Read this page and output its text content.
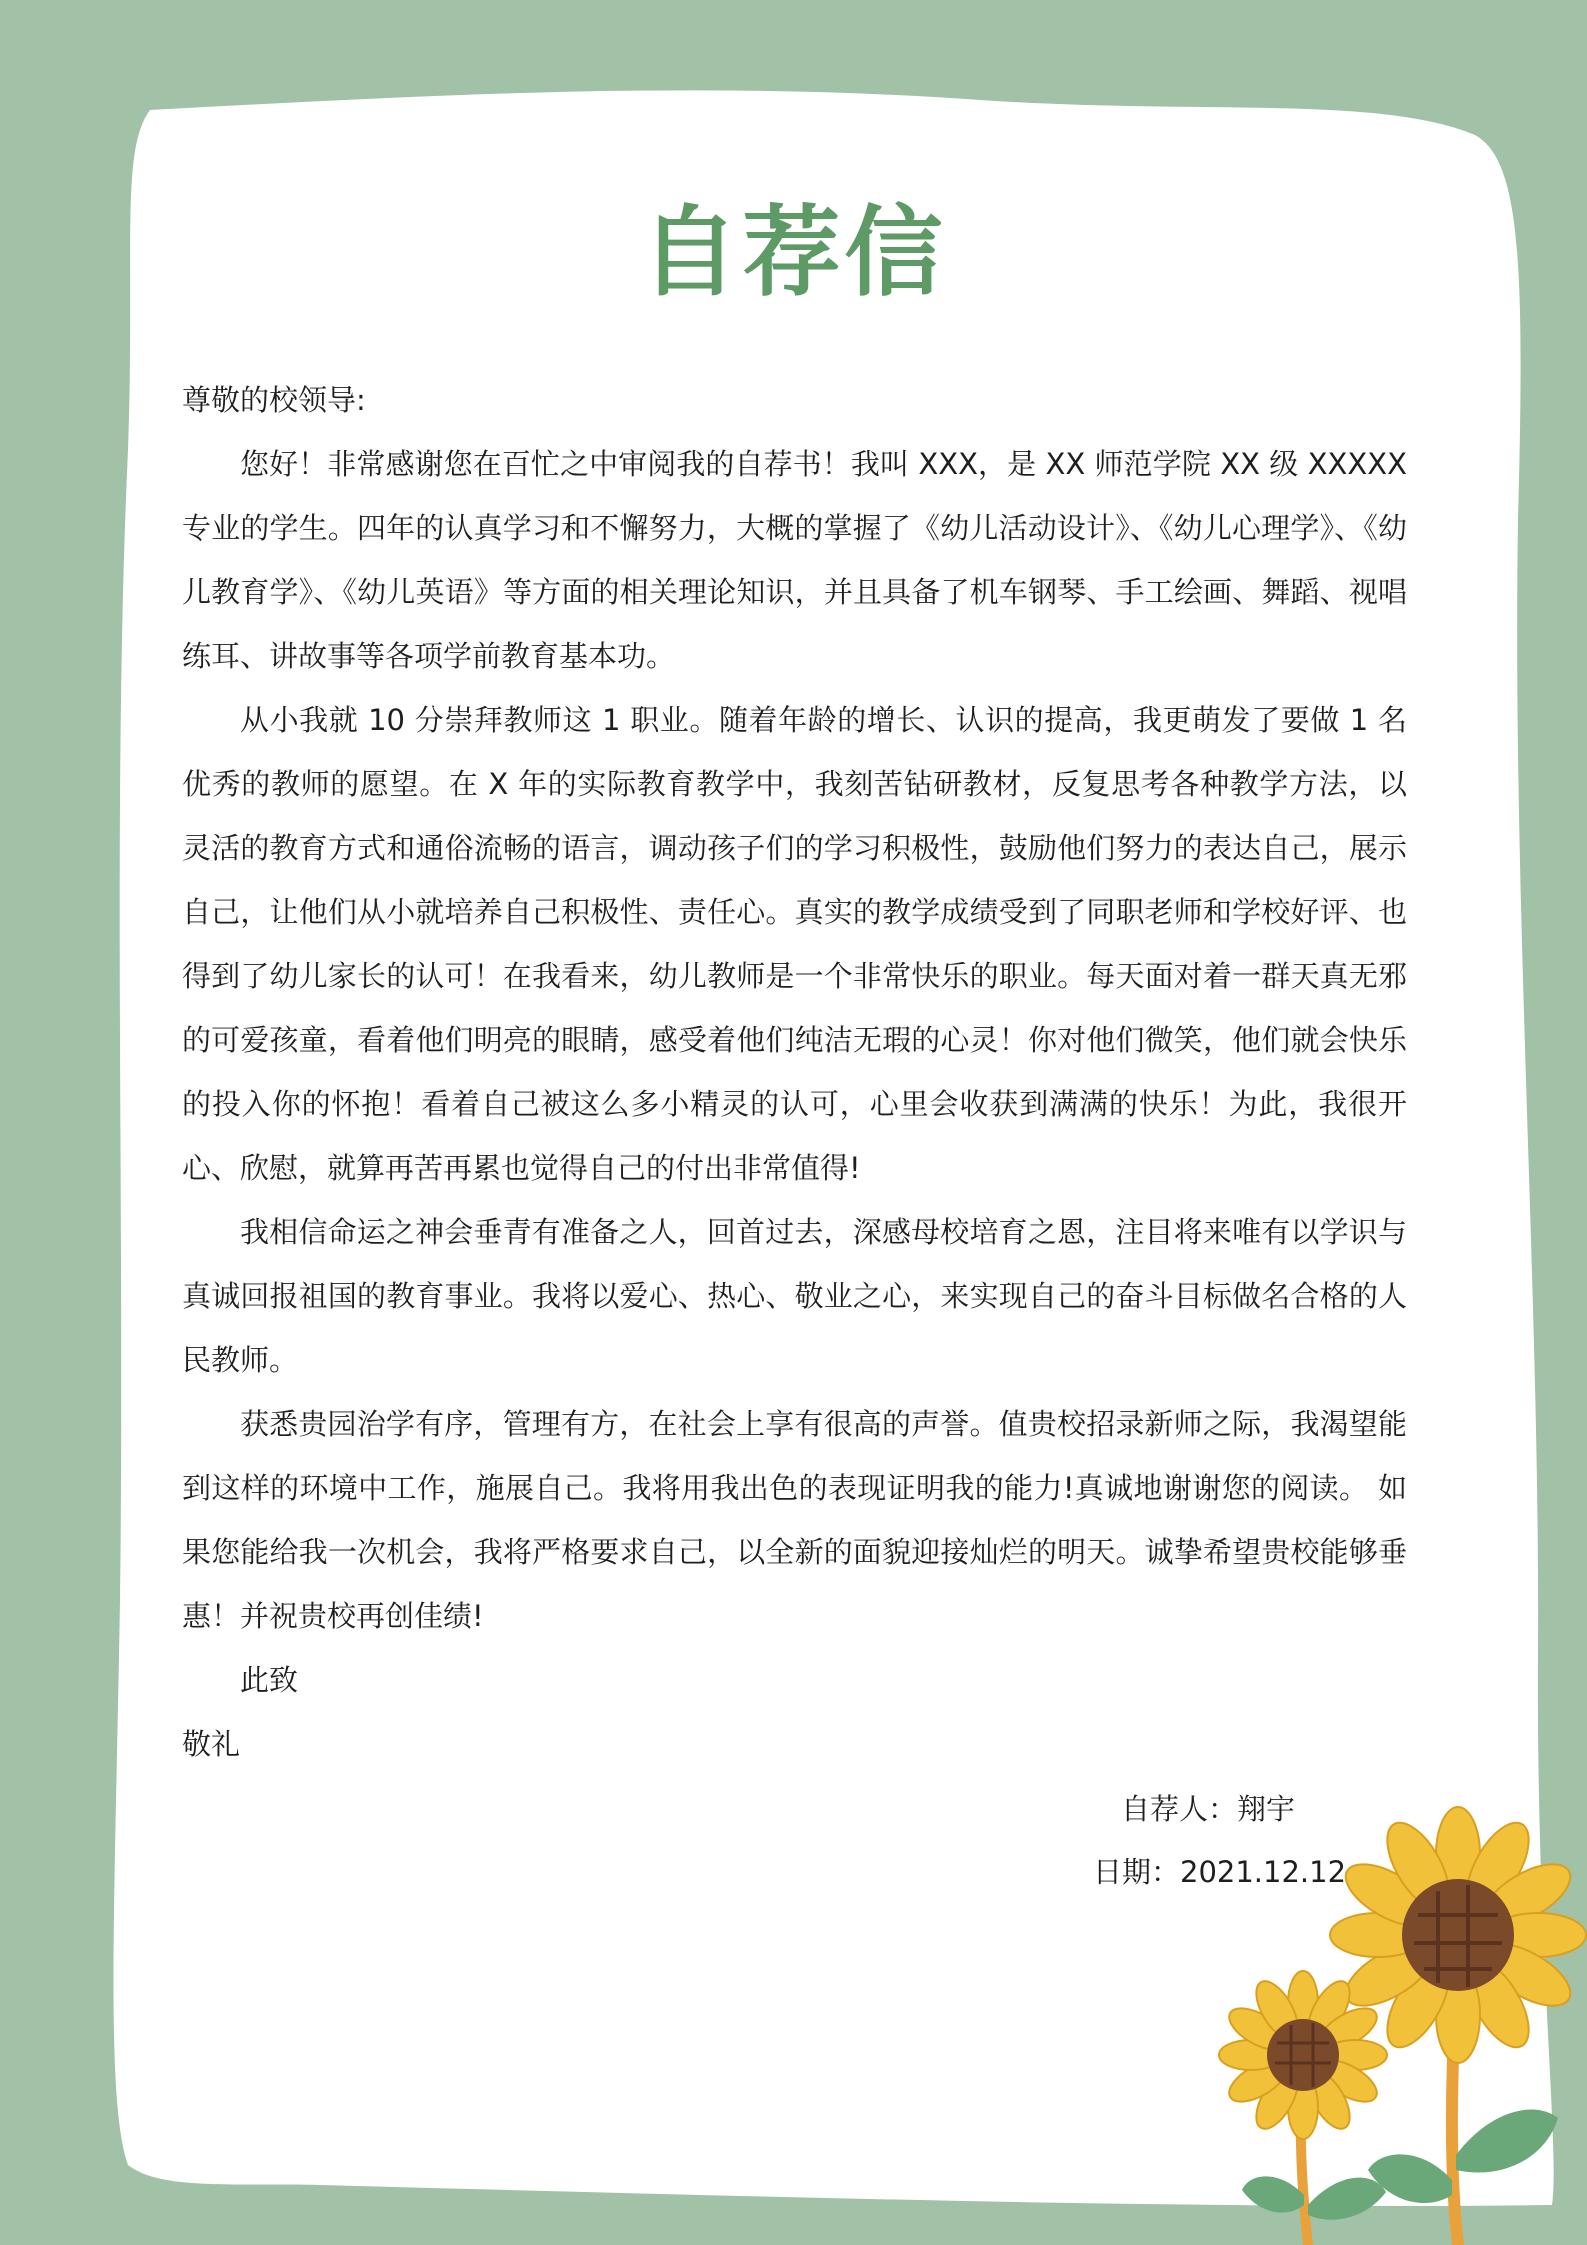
自荐信

尊敬的校领导:

您好！非常感谢您在百忙之中审阅我的自荐书！我叫 XXX，是 XX 师范学院 XX 级 XXXXX 专业的学生。四年的认真学习和不懈努力，大概的掌握了《幼儿活动设计》、《幼儿心理学》、《幼儿教育学》、《幼儿英语》等方面的相关理论知识，并且具备了机车钢琴、手工绘画、舞蹈、视唱练耳、讲故事等各项学前教育基本功。

从小我就 10 分崇拜教师这 1 职业。随着年龄的增长、认识的提高，我更萌发了要做 1 名优秀的教师的愿望。在 X 年的实际教育教学中，我刻苦钻研教材，反复思考各种教学方法，以灵活的教育方式和通俗流畅的语言，调动孩子们的学习积极性，鼓励他们努力的表达自己，展示自己，让他们从小就培养自己积极性、责任心。真实的教学成绩受到了同职老师和学校好评、也得到了幼儿家长的认可！在我看来，幼儿教师是一个非常快乐的职业。每天面对着一群天真无邪的可爱孩童，看着他们明亮的眼睛，感受着他们纯洁无瑕的心灵！你对他们微笑，他们就会快乐的投入你的怀抱！看着自己被这么多小精灵的认可，心里会收获到满满的快乐！为此，我很开心、欣慰，就算再苦再累也觉得自己的付出非常值得!

我相信命运之神会垂青有准备之人，回首过去，深感母校培育之恩，注目将来唯有以学识与真诚回报祖国的教育事业。我将以爱心、热心、敬业之心，来实现自己的奋斗目标做名合格的人民教师。

获悉贵园治学有序，管理有方，在社会上享有很高的声誉。值贵校招录新师之际，我渴望能到这样的环境中工作，施展自己。我将用我出色的表现证明我的能力!真诚地谢谢您的阅读。 如果您能给我一次机会，我将严格要求自己，以全新的面貌迎接灿烂的明天。诚挚希望贵校能够垂惠！并祝贵校再创佳绩!

此致

敬礼

自荐人：翔宇
日期：2021.12.12
